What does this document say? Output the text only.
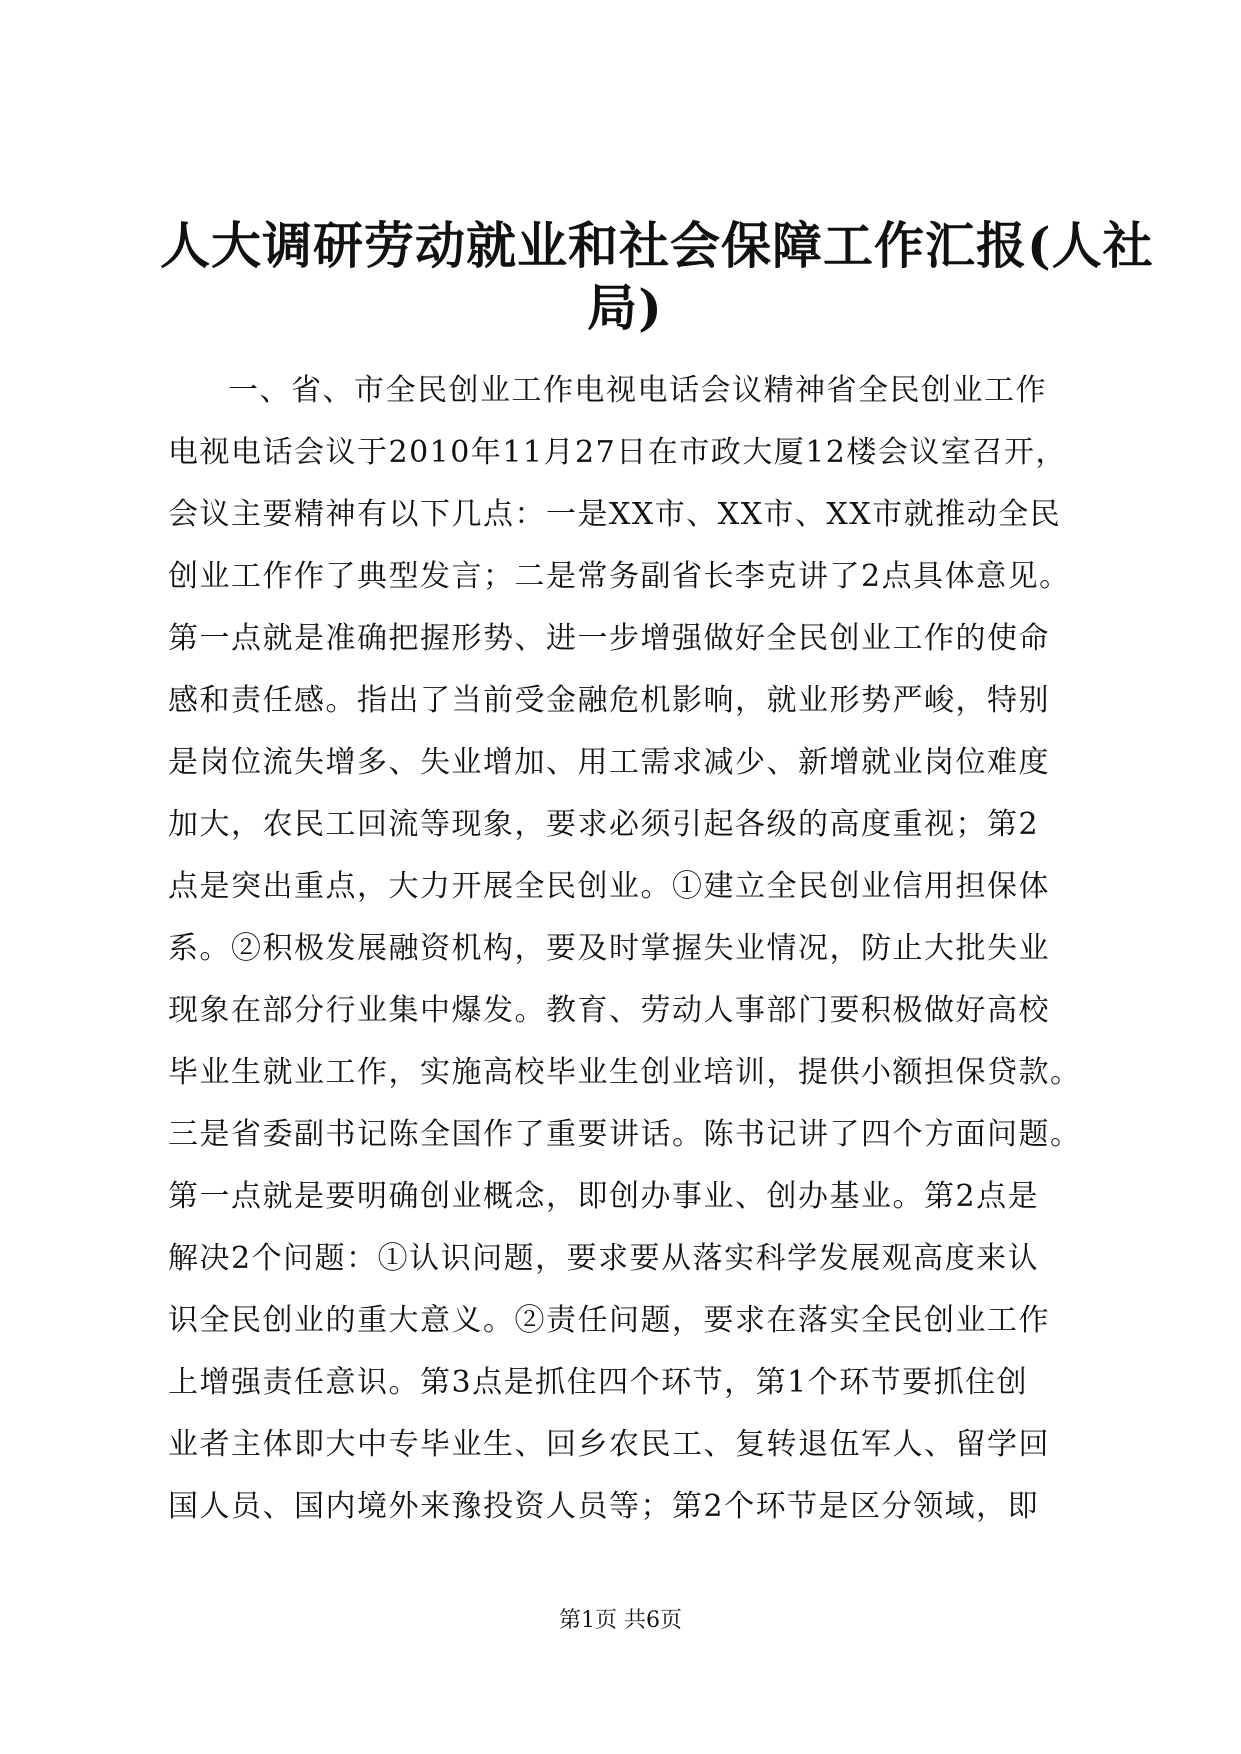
人大调研劳动就业和社会保障工作汇报(人社
局)
一、省、市全民创业工作电视电话会议精神省全民创业工作
电视电话会议于2010年11月27日在市政大厦12楼会议室召开，
会议主要精神有以下几点：一是XX市、XX市、XX市就推动全民
创业工作作了典型发言；二是常务副省长李克讲了2点具体意见。
第一点就是准确把握形势、进一步增强做好全民创业工作的使命
感和责任感。指出了当前受金融危机影响，就业形势严峻，特别
是岗位流失增多、失业增加、用工需求减少、新增就业岗位难度
加大，农民工回流等现象，要求必须引起各级的高度重视；第2
点是突出重点，大力开展全民创业。①建立全民创业信用担保体
系。②积极发展融资机构，要及时掌握失业情况，防止大批失业
现象在部分行业集中爆发。教育、劳动人事部门要积极做好高校
毕业生就业工作，实施高校毕业生创业培训，提供小额担保贷款。
三是省委副书记陈全国作了重要讲话。陈书记讲了四个方面问题。
第一点就是要明确创业概念，即创办事业、创办基业。第2点是
解决2个问题：①认识问题，要求要从落实科学发展观高度来认
识全民创业的重大意义。②责任问题，要求在落实全民创业工作
上增强责任意识。第3点是抓住四个环节，第1个环节要抓住创
业者主体即大中专毕业生、回乡农民工、复转退伍军人、留学回
国人员、国内境外来豫投资人员等；第2个环节是区分领域，即
第1页 共6页
